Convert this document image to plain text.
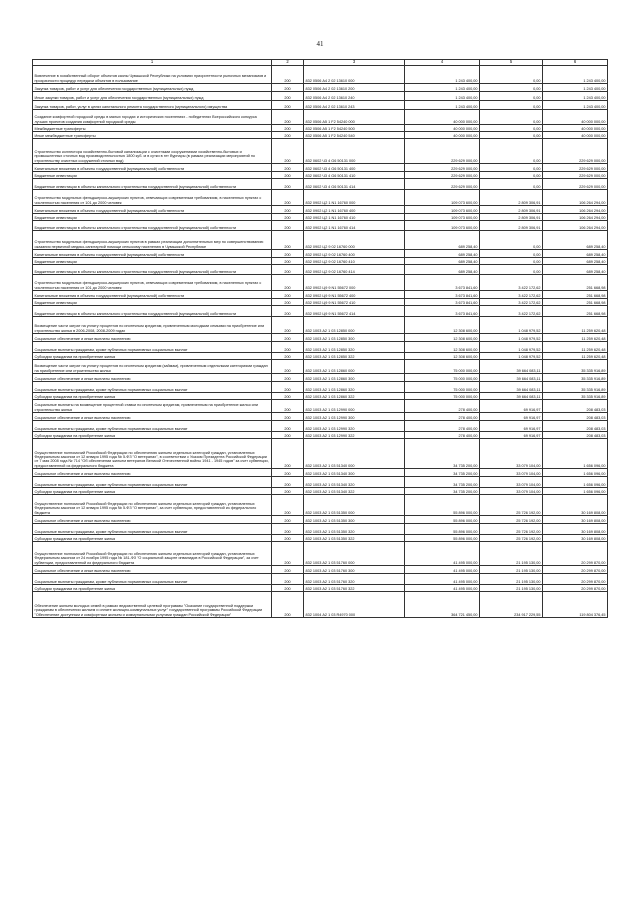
41
1	2	3	4	5	6
Вовлечение в хозяйственный оборот объектов казны Чувашской Республики на условиях приоритетности рыночных механизмов и прозрачности процедур передачи объектов в пользование	200	832 0506 А4 2 02 13610 000	1 243 400,00	0,00	1 243 400,00
Закупка товаров, работ и услуг для обеспечения государственных (муниципальных) нужд	200	832 0506 А4 2 02 13610 200	1 243 400,00	0,00	1 243 400,00
Иные закупки товаров, работ и услуг для обеспечения государственных (муниципальных) нужд	200	832 0506 А4 2 02 13610 240	1 243 400,00	0,00	1 243 400,00
Закупка товаров, работ, услуг в целях капитального ремонта государственного (муниципального) имущества	200	832 0506 А4 2 02 13610 243	1 243 400,00	0,00	1 243 400,00
Создание комфортной городской среды в малых городах и исторических поселениях - победителях Всероссийского конкурса лучших проектов создания комфортной городской среды	200	832 0506 А5 1 F2 54240 000	40 000 000,00	0,00	40 000 000,00
Межбюджетные трансферты	200	832 0506 А5 1 F2 54240 500	40 000 000,00	0,00	40 000 000,00
Иные межбюджетные трансферты	200	832 0506 А5 1 F2 54240 540	40 000 000,00	0,00	40 000 000,00
Строительство коллектора хозяйственно-бытовой канализации с очистными сооружениями хозяйственно-бытовых и промышленных сточных вод производительностью 1800 куб. м в сутки в пгт Вурнары (в рамках реализации мероприятий по строительству очистных сооружений сточных вод)	200	832 0602 Ч3 4 G6 50131 000	229 629 000,00	0,00	229 629 000,00
Капитальные вложения в объекты государственной (муниципальной) собственности	200	832 0602 Ч3 4 G6 50131 400	229 629 000,00	0,00	229 629 000,00
Бюджетные инвестиции	200	832 0602 Ч3 4 G6 50131 410	229 629 000,00	0,00	229 629 000,00
Бюджетные инвестиции в объекты капитального строительства государственной (муниципальной) собственности	200	832 0602 Ч3 4 G6 50131 414	229 629 000,00	0,00	229 629 000,00
Строительство модульных фельдшерско-акушерских пунктов, отвечающих современным требованиям, в населенных пунктах с численностью населения от 101 до 2000 человек	200	832 0902 Ц2 1 N1 16760 000	109 073 600,00	2 809 306,91	106 264 294,00
Капитальные вложения в объекты государственной (муниципальной) собственности	200	832 0902 Ц2 1 N1 16760 400	109 073 600,00	2 809 306,91	106 264 294,00
Бюджетные инвестиции	200	832 0902 Ц2 1 N1 16760 410	109 073 600,00	2 809 306,91	106 264 294,00
Бюджетные инвестиции в объекты капитального строительства государственной (муниципальной) собственности	200	832 0902 Ц2 1 N1 16760 414	109 073 600,00	2 809 306,91	106 264 294,00
Строительство модульных фельдшерско-акушерских пунктов в рамках реализации дополнительных мер по совершенствованию оказания первичной медико-санитарной помощи сельскому населению в Чувашской Республике	200	832 0902 Ц2 9 02 16760 000	689 258,40	0,00	689 258,40
Капитальные вложения в объекты государственной (муниципальной) собственности	200	832 0902 Ц2 9 02 16760 400	689 258,40	0,00	689 258,40
Бюджетные инвестиции	200	832 0902 Ц2 9 02 16760 410	689 258,40	0,00	689 258,40
Бюджетные инвестиции в объекты капитального строительства государственной (муниципальной) собственности	200	832 0902 Ц2 9 02 16760 414	689 258,40	0,00	689 258,40
Строительство модульных фельдшерско-акушерских пунктов, отвечающих современным требованиям, в населенных пунктах с численностью населения от 101 до 2000 человек	200	832 0902 Ц9 9 N1 55672 000	3 673 841,60	3 422 172,62	251 668,98
Капитальные вложения в объекты государственной (муниципальной) собственности	200	832 0902 Ц9 9 N1 55672 400	3 673 841,60	3 422 172,62	251 668,98
Бюджетные инвестиции	200	832 0902 Ц9 9 N1 55672 410	3 673 841,60	3 422 172,62	251 668,98
Бюджетные инвестиции в объекты капитального строительства государственной (муниципальной) собственности	200	832 0902 Ц9 9 N1 55672 414	3 673 841,60	3 422 172,62	251 668,98
Возмещение части затрат на уплату процентов по ипотечным кредитам, привлеченным молодыми семьями на приобретение или строительство жилья в 2006-2008, 2008-2009 годах	200	832 1003 А2 1 03 12850 000	12 308 600,00	1 048 979,52	11 259 620,48
Социальное обеспечение и иные выплаты населению	200	832 1003 А2 1 03 12850 300	12 308 600,00	1 048 979,52	11 259 620,48
Социальные выплаты гражданам, кроме публичных нормативных социальных выплат	200	832 1003 А2 1 03 12850 320	12 308 600,00	1 048 979,52	11 259 620,48
Субсидии гражданам на приобретение жилья	200	832 1003 А2 1 03 12850 322	12 308 600,00	1 048 979,52	11 259 620,48
Возмещение части затрат на уплату процентов по ипотечным кредитам (займам), привлеченным отдельными категориями граждан на приобретение или строительство жилья	200	832 1003 А2 1 03 12860 000	75 000 000,00	39 664 083,11	35 335 916,89
Социальное обеспечение и иные выплаты населению	200	832 1003 А2 1 03 12860 300	75 000 000,00	39 664 083,11	35 335 916,89
Социальные выплаты гражданам, кроме публичных нормативных социальных выплат	200	832 1003 А2 1 03 12860 320	75 000 000,00	39 664 083,11	35 335 916,89
Субсидии гражданам на приобретение жилья	200	832 1003 А2 1 03 12860 322	75 000 000,00	39 664 083,11	35 335 916,89
Социальные выплаты на возмещение процентной ставки по ипотечным кредитам, привлеченным на приобретение жилья или строительство жилья	200	832 1003 А2 1 03 12990 000	278 400,00	69 916,97	208 483,03
Социальное обеспечение и иные выплаты населению	200	832 1003 А2 1 03 12990 300	278 400,00	69 916,97	208 483,03
Социальные выплаты гражданам, кроме публичных нормативных социальных выплат	200	832 1003 А2 1 03 12990 320	278 400,00	69 916,97	208 483,03
Субсидии гражданам на приобретение жилья	200	832 1003 А2 1 03 12990 322	278 400,00	69 916,97	208 483,03
Осуществление полномочий Российской Федерации по обеспечению жильем отдельных категорий граждан, установленных Федеральным законом от 12 января 1995 года № 5-ФЗ "О ветеранах", в соответствии с Указом Президента Российской Федерации от 7 мая 2008 года № 714 "Об обеспечении жильем ветеранов Великой Отечественной войны 1941 - 1945 годов" за счет субвенции, предоставленной из федерального бюджета	200	832 1003 А2 1 03 51340 000	34 735 200,00	33 079 104,00	1 656 096,00
Социальное обеспечение и иные выплаты населению	200	832 1003 А2 1 03 51340 300	34 735 200,00	33 079 104,00	1 656 096,00
Социальные выплаты гражданам, кроме публичных нормативных социальных выплат	200	832 1003 А2 1 03 51340 320	34 735 200,00	33 079 104,00	1 656 096,00
Субсидии гражданам на приобретение жилья	200	832 1003 А2 1 03 51340 322	34 735 200,00	33 079 104,00	1 656 096,00
Осуществление полномочий Российской Федерации по обеспечению жильем отдельных категорий граждан, установленных Федеральным законом от 12 января 1995 года № 5-ФЗ "О ветеранах", за счет субвенции, предоставленной из федерального бюджета	200	832 1003 А2 1 03 51350 000	55 896 000,00	25 726 192,00	30 169 808,00
Социальное обеспечение и иные выплаты населению	200	832 1003 А2 1 03 51350 300	55 896 000,00	25 726 192,00	30 169 808,00
Социальные выплаты гражданам, кроме публичных нормативных социальных выплат	200	832 1003 А2 1 03 51350 320	55 896 000,00	25 726 192,00	30 169 808,00
Субсидии гражданам на приобретение жилья	200	832 1003 А2 1 03 51350 322	55 896 000,00	25 726 192,00	30 169 808,00
Осуществление полномочий Российской Федерации по обеспечению жильем отдельных категорий граждан, установленных Федеральным законом от 24 ноября 1995 года № 181-ФЗ "О социальной защите инвалидов в Российской Федерации", за счет субвенции, предоставленной из федерального бюджета	200	832 1003 А2 1 03 51760 000	41 495 000,00	21 195 130,00	20 299 870,00
Социальное обеспечение и иные выплаты населению	200	832 1003 А2 1 03 51760 300	41 495 000,00	21 195 130,00	20 299 870,00
Социальные выплаты гражданам, кроме публичных нормативных социальных выплат	200	832 1003 А2 1 03 51760 320	41 495 000,00	21 195 130,00	20 299 870,00
Субсидии гражданам на приобретение жилья	200	832 1003 А2 1 03 51760 322	41 495 000,00	21 195 130,00	20 299 870,00
Обеспечение жильем молодых семей в рамках ведомственной целевой программы "Оказание государственной поддержки гражданам в обеспечении жильем и оплате жилищно-коммунальных услуг" государственной программы Российской Федерации "Обеспечение доступным и комфортным жильем и коммунальными услугами граждан Российской Федерации"	200	832 1004 А2 1 03 R4970 000	364 721 450,00	234 917 229,55	119 804 376,45
